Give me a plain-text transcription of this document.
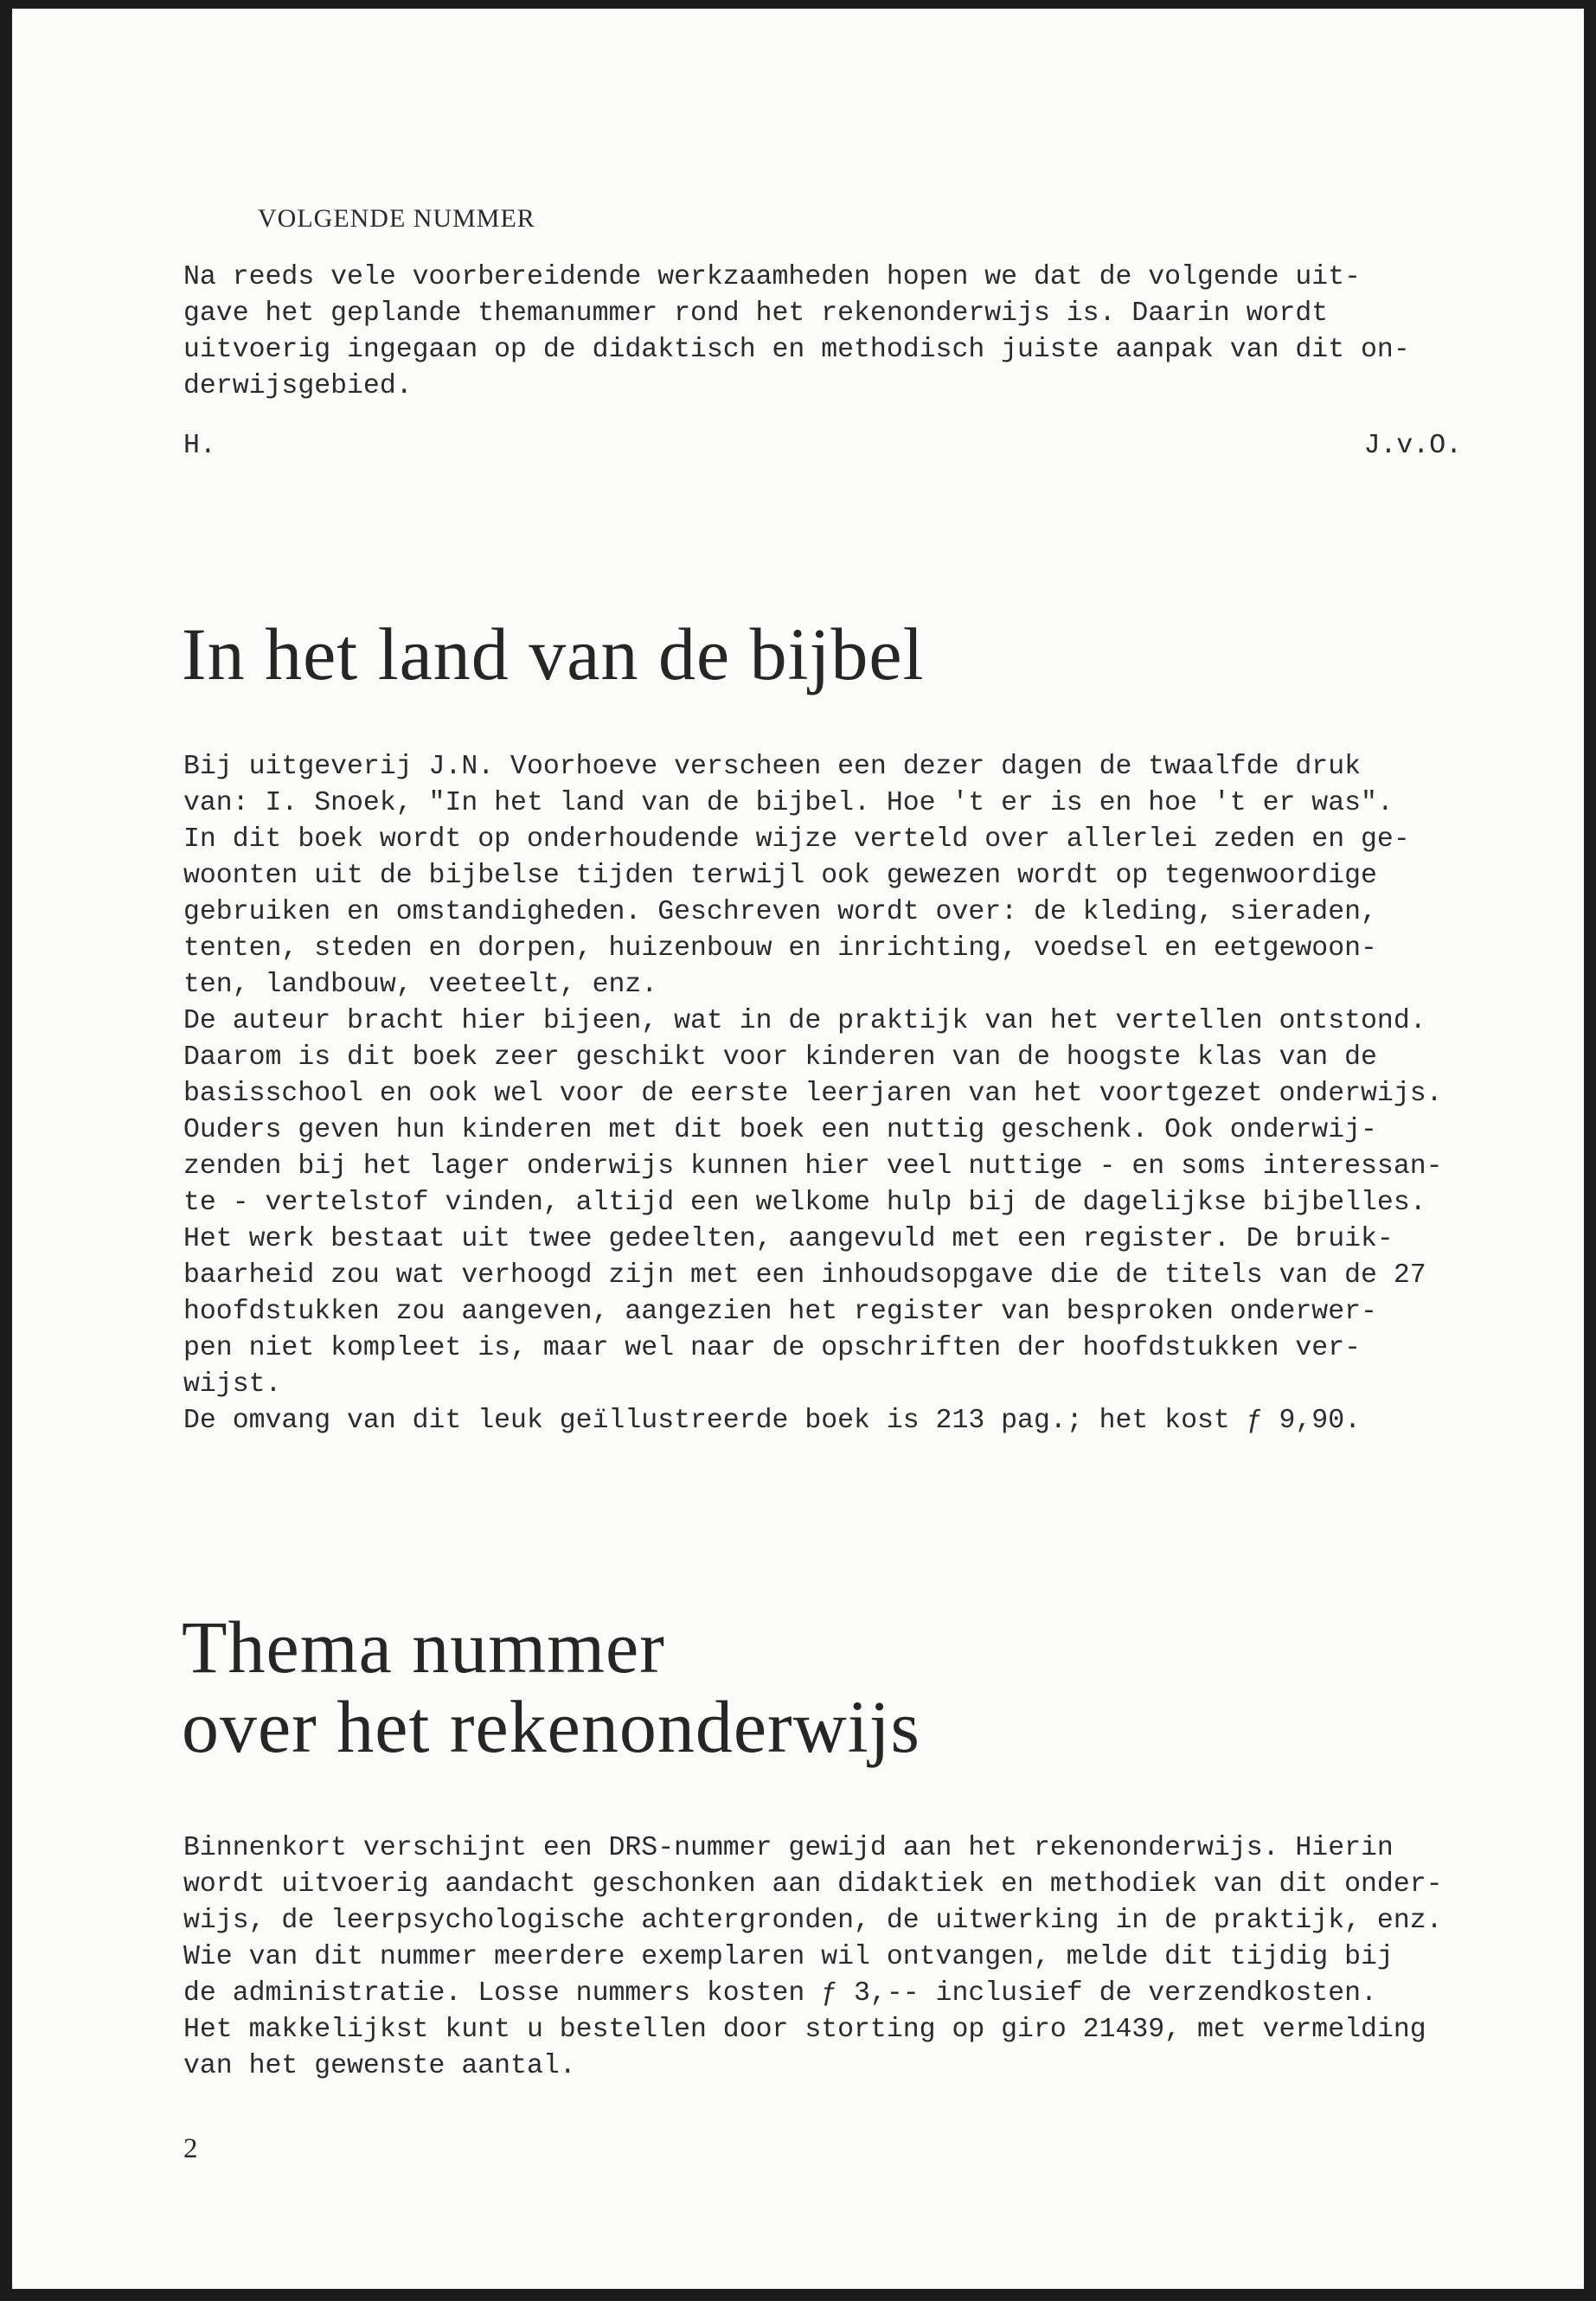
VOLGENDE NUMMER
Na reeds vele voorbereidende werkzaamheden hopen we dat de volgende uit-
gave het geplande themanummer rond het rekenonderwijs is. Daarin wordt
uitvoerig ingegaan op de didaktisch en methodisch juiste aanpak van dit on-
derwijsgebied.
H.	J.v.O.
In het land van de bijbel
Bij uitgeverij J.N. Voorhoeve verscheen een dezer dagen de twaalfde druk
van: I. Snoek, "In het land van de bijbel. Hoe 't er is en hoe 't er was".
In dit boek wordt op onderhoudende wijze verteld over allerlei zeden en ge-
woonten uit de bijbelse tijden terwijl ook gewezen wordt op tegenwoordige
gebruiken en omstandigheden. Geschreven wordt over: de kleding, sieraden,
tenten, steden en dorpen, huizenbouw en inrichting, voedsel en eetgewoon-
ten, landbouw, veeteelt, enz.
De auteur bracht hier bijeen, wat in de praktijk van het vertellen ontstond.
Daarom is dit boek zeer geschikt voor kinderen van de hoogste klas van de
basisschool en ook wel voor de eerste leerjaren van het voortgezet onderwijs.
Ouders geven hun kinderen met dit boek een nuttig geschenk. Ook onderwij-
zenden bij het lager onderwijs kunnen hier veel nuttige - en soms interessan-
te - vertelstof vinden, altijd een welkome hulp bij de dagelijkse bijbelles.
Het werk bestaat uit twee gedeelten, aangevuld met een register. De bruik-
baarheid zou wat verhoogd zijn met een inhoudsopgave die de titels van de 27
hoofdstukken zou aangeven, aangezien het register van besproken onderwer-
pen niet kompleet is, maar wel naar de opschriften der hoofdstukken ver-
wijst.
De omvang van dit leuk geïllustreerde boek is 213 pag.; het kost ƒ 9,90.
Thema nummer
over het rekenonderwijs
Binnenkort verschijnt een DRS-nummer gewijd aan het rekenonderwijs. Hierin
wordt uitvoerig aandacht geschonken aan didaktiek en methodiek van dit onder-
wijs, de leerpsychologische achtergronden, de uitwerking in de praktijk, enz.
Wie van dit nummer meerdere exemplaren wil ontvangen, melde dit tijdig bij
de administratie. Losse nummers kosten ƒ 3,-- inclusief de verzendkosten.
Het makkelijkst kunt u bestellen door storting op giro 21439, met vermelding
van het gewenste aantal.

2
